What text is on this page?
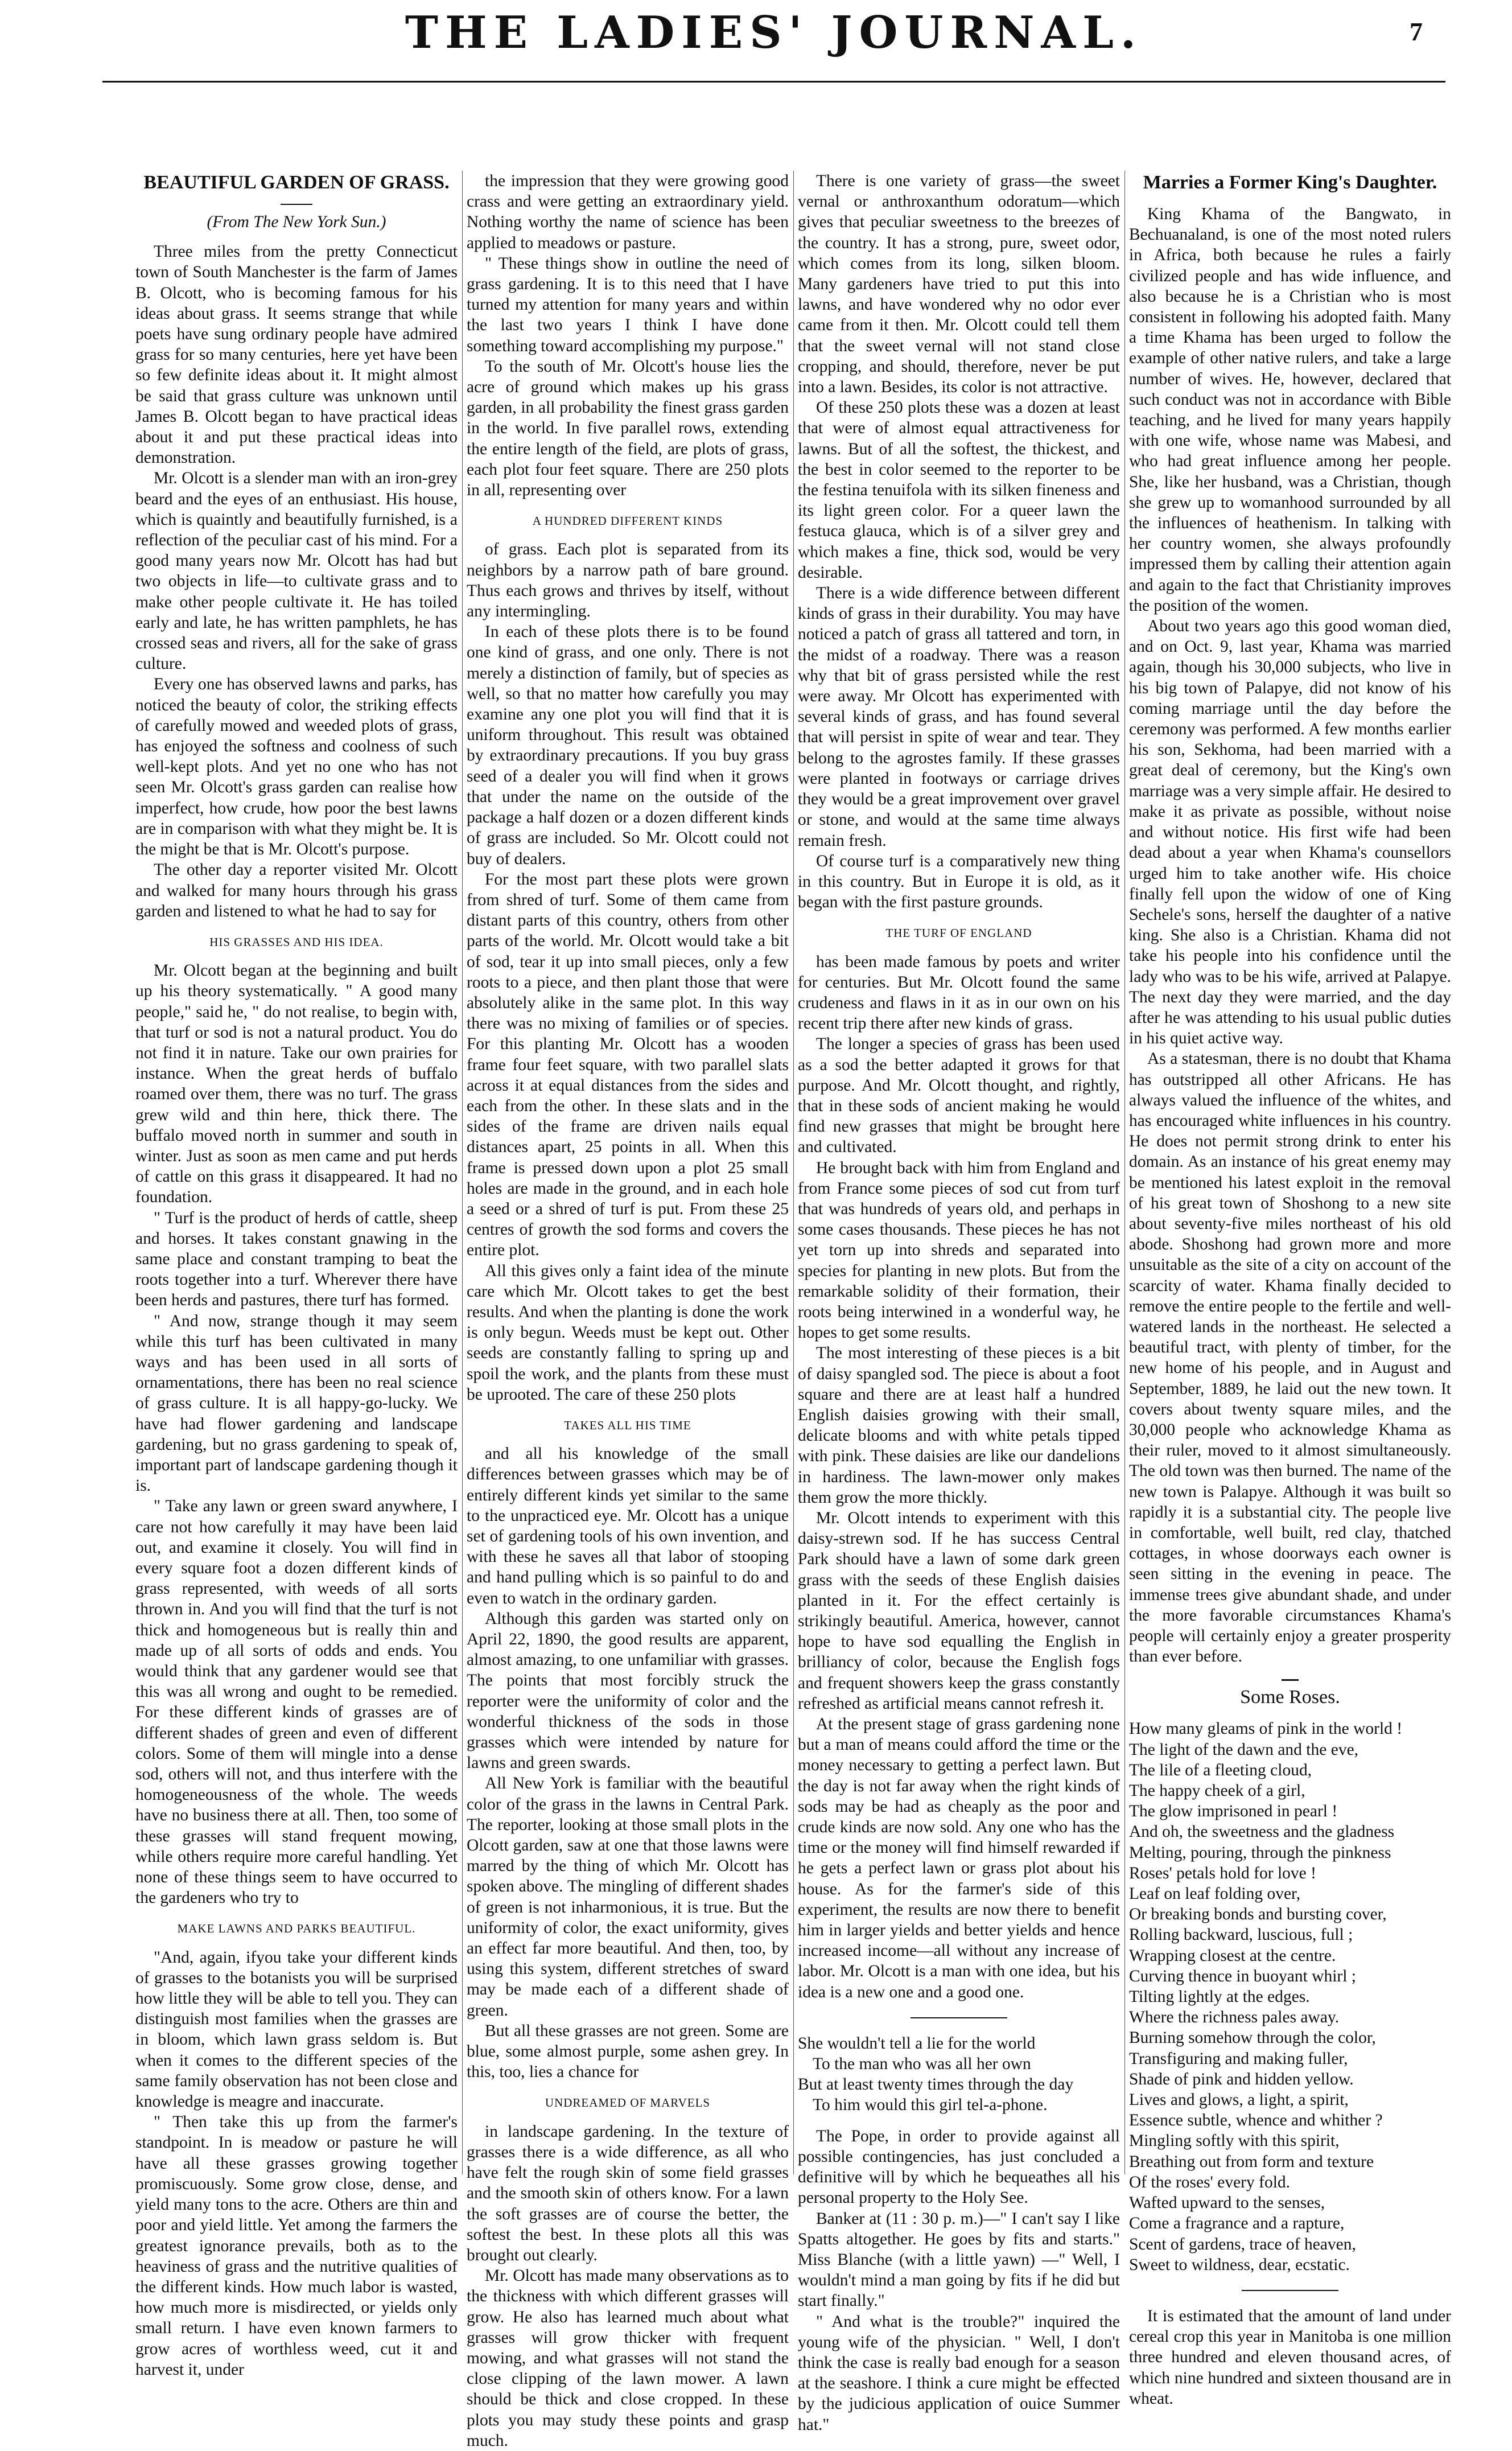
THE LADIES' JOURNAL.	7
BEAUTIFUL GARDEN OF GRASS.

(From The New York Sun.)

Three miles from the pretty Connecticut town of South Manchester is the farm of James B. Olcott, who is becoming famous for his ideas about grass. It seems strange that while poets have sung ordinary people have admired grass for so many centuries, here yet have been so few definite ideas about it. It might almost be said that grass culture was unknown until James B. Olcott began to have practical ideas about it and put these practical ideas into demonstration.

Mr. Olcott is a slender man with an iron-grey beard and the eyes of an enthusiast. His house, which is quaintly and beautifully furnished, is a reflection of the peculiar cast of his mind. For a good many years now Mr. Olcott has had but two objects in life—to cultivate grass and to make other people cultivate it. He has toiled early and late, he has written pamphlets, he has crossed seas and rivers, all for the sake of grass culture.

Every one has observed lawns and parks, has noticed the beauty of color, the striking effects of carefully mowed and weeded plots of grass, has enjoyed the softness and coolness of such well-kept plots. And yet no one who has not seen Mr. Olcott's grass garden can realise how imperfect, how crude, how poor the best lawns are in comparison with what they might be. It is the might be that is Mr. Olcott's purpose.

The other day a reporter visited Mr. Olcott and walked for many hours through his grass garden and listened to what he had to say for

HIS GRASSES AND HIS IDEA.

Mr. Olcott began at the beginning and built up his theory systematically. " A good many people," said he, " do not realise, to begin with, that turf or sod is not a natural product. You do not find it in nature. Take our own prairies for instance. When the great herds of buffalo roamed over them, there was no turf. The grass grew wild and thin here, thick there. The buffalo moved north in summer and south in winter. Just as soon as men came and put herds of cattle on this grass it disappeared. It had no foundation.

" Turf is the product of herds of cattle, sheep and horses. It takes constant gnawing in the same place and constant tramping to beat the roots together into a turf. Wherever there have been herds and pastures, there turf has formed.

" And now, strange though it may seem while this turf has been cultivated in many ways and has been used in all sorts of ornamentations, there has been no real science of grass culture. It is all happy-go-lucky. We have had flower gardening and landscape gardening, but no grass gardening to speak of, important part of landscape gardening though it is.

" Take any lawn or green sward anywhere, I care not how carefully it may have been laid out, and examine it closely. You will find in every square foot a dozen different kinds of grass represented, with weeds of all sorts thrown in. And you will find that the turf is not thick and homogeneous but is really thin and made up of all sorts of odds and ends. You would think that any gardener would see that this was all wrong and ought to be remedied. For these different kinds of grasses are of different shades of green and even of different colors. Some of them will mingle into a dense sod, others will not, and thus interfere with the homogeneousness of the whole. The weeds have no business there at all. Then, too some of these grasses will stand frequent mowing, while others require more careful handling. Yet none of these things seem to have occurred to the gardeners who try to

MAKE LAWNS AND PARKS BEAUTIFUL.

"And, again, ifyou take your different kinds of grasses to the botanists you will be surprised how little they will be able to tell you. They can distinguish most families when the grasses are in bloom, which lawn grass seldom is. But when it comes to the different species of the same family observation has not been close and knowledge is meagre and inaccurate.

" Then take this up from the farmer's standpoint. In is meadow or pasture he will have all these grasses growing together promiscuously. Some grow close, dense, and yield many tons to the acre. Others are thin and poor and yield little. Yet among the farmers the greatest ignorance prevails, both as to the heaviness of grass and the nutritive qualities of the different kinds. How much labor is wasted, how much more is misdirected, or yields only small return. I have even known farmers to grow acres of worthless weed, cut it and harvest it, under

the impression that they were growing good crass and were getting an extraordinary yield. Nothing worthy the name of science has been applied to meadows or pasture.

" These things show in outline the need of grass gardening. It is to this need that I have turned my attention for many years and within the last two years I think I have done something toward accomplishing my purpose."

To the south of Mr. Olcott's house lies the acre of ground which makes up his grass garden, in all probability the finest grass garden in the world. In five parallel rows, extending the entire length of the field, are plots of grass, each plot four feet square. There are 250 plots in all, representing over

A HUNDRED DIFFERENT KINDS

of grass. Each plot is separated from its neighbors by a narrow path of bare ground. Thus each grows and thrives by itself, without any intermingling.

In each of these plots there is to be found one kind of grass, and one only. There is not merely a distinction of family, but of species as well, so that no matter how carefully you may examine any one plot you will find that it is uniform throughout. This result was obtained by extraordinary precautions. If you buy grass seed of a dealer you will find when it grows that under the name on the outside of the package a half dozen or a dozen different kinds of grass are included. So Mr. Olcott could not buy of dealers.

For the most part these plots were grown from shred of turf. Some of them came from distant parts of this country, others from other parts of the world. Mr. Olcott would take a bit of sod, tear it up into small pieces, only a few roots to a piece, and then plant those that were absolutely alike in the same plot. In this way there was no mixing of families or of species. For this planting Mr. Olcott has a wooden frame four feet square, with two parallel slats across it at equal distances from the sides and each from the other. In these slats and in the sides of the frame are driven nails equal distances apart, 25 points in all. When this frame is pressed down upon a plot 25 small holes are made in the ground, and in each hole a seed or a shred of turf is put. From these 25 centres of growth the sod forms and covers the entire plot.

All this gives only a faint idea of the minute care which Mr. Olcott takes to get the best results. And when the planting is done the work is only begun. Weeds must be kept out. Other seeds are constantly falling to spring up and spoil the work, and the plants from these must be uprooted. The care of these 250 plots

TAKES ALL HIS TIME

and all his knowledge of the small differences between grasses which may be of entirely different kinds yet similar to the same to the unpracticed eye. Mr. Olcott has a unique set of gardening tools of his own invention, and with these he saves all that labor of stooping and hand pulling which is so painful to do and even to watch in the ordinary garden.

Although this garden was started only on April 22, 1890, the good results are apparent, almost amazing, to one unfamiliar with grasses. The points that most forcibly struck the reporter were the uniformity of color and the wonderful thickness of the sods in those grasses which were intended by nature for lawns and green swards.

All New York is familiar with the beautiful color of the grass in the lawns in Central Park. The reporter, looking at those small plots in the Olcott garden, saw at one that those lawns were marred by the thing of which Mr. Olcott has spoken above. The mingling of different shades of green is not inharmonious, it is true. But the uniformity of color, the exact uniformity, gives an effect far more beautiful. And then, too, by using this system, different stretches of sward may be made each of a different shade of green.

But all these grasses are not green. Some are blue, some almost purple, some ashen grey. In this, too, lies a chance for

UNDREAMED OF MARVELS

in landscape gardening. In the texture of grasses there is a wide difference, as all who have felt the rough skin of some field grasses and the smooth skin of others know. For a lawn the soft grasses are of course the better, the softest the best. In these plots all this was brought out clearly.

Mr. Olcott has made many observations as to the thickness with which different grasses will grow. He also has learned much about what grasses will grow thicker with frequent mowing, and what grasses will not stand the close clipping of the lawn mower. A lawn should be thick and close cropped. In these plots you may study these points and grasp much.

There is one variety of grass—the sweet vernal or anthroxanthum odoratum—which gives that peculiar sweetness to the breezes of the country. It has a strong, pure, sweet odor, which comes from its long, silken bloom. Many gardeners have tried to put this into lawns, and have wondered why no odor ever came from it then. Mr. Olcott could tell them that the sweet vernal will not stand close cropping, and should, therefore, never be put into a lawn. Besides, its color is not attractive.

Of these 250 plots these was a dozen at least that were of almost equal attractiveness for lawns. But of all the softest, the thickest, and the best in color seemed to the reporter to be the festina tenuifola with its silken fineness and its light green color. For a queer lawn the festuca glauca, which is of a silver grey and which makes a fine, thick sod, would be very desirable.

There is a wide difference between different kinds of grass in their durability. You may have noticed a patch of grass all tattered and torn, in the midst of a roadway. There was a reason why that bit of grass persisted while the rest were away. Mr Olcott has experimented with several kinds of grass, and has found several that will persist in spite of wear and tear. They belong to the agrostes family. If these grasses were planted in footways or carriage drives they would be a great improvement over gravel or stone, and would at the same time always remain fresh.

Of course turf is a comparatively new thing in this country. But in Europe it is old, as it began with the first pasture grounds.

THE TURF OF ENGLAND

has been made famous by poets and writer for centuries. But Mr. Olcott found the same crudeness and flaws in it as in our own on his recent trip there after new kinds of grass.

The longer a species of grass has been used as a sod the better adapted it grows for that purpose. And Mr. Olcott thought, and rightly, that in these sods of ancient making he would find new grasses that might be brought here and cultivated.

He brought back with him from England and from France some pieces of sod cut from turf that was hundreds of years old, and perhaps in some cases thousands. These pieces he has not yet torn up into shreds and separated into species for planting in new plots. But from the remarkable solidity of their formation, their roots being interwined in a wonderful way, he hopes to get some results.

The most interesting of these pieces is a bit of daisy spangled sod. The piece is about a foot square and there are at least half a hundred English daisies growing with their small, delicate blooms and with white petals tipped with pink. These daisies are like our dandelions in hardiness. The lawn-mower only makes them grow the more thickly.

Mr. Olcott intends to experiment with this daisy-strewn sod. If he has success Central Park should have a lawn of some dark green grass with the seeds of these English daisies planted in it. For the effect certainly is strikingly beautiful. America, however, cannot hope to have sod equalling the English in brilliancy of color, because the English fogs and frequent showers keep the grass constantly refreshed as artificial means cannot refresh it.

At the present stage of grass gardening none but a man of means could afford the time or the money necessary to getting a perfect lawn. But the day is not far away when the right kinds of sods may be had as cheaply as the poor and crude kinds are now sold. Any one who has the time or the money will find himself rewarded if he gets a perfect lawn or grass plot about his house. As for the farmer's side of this experiment, the results are now there to benefit him in larger yields and better yields and hence increased income—all without any increase of labor. Mr. Olcott is a man with one idea, but his idea is a new one and a good one.

She wouldn't tell a lie for the world
To the man who was all her own
But at least twenty times through the day
To him would this girl tel-a-phone.

The Pope, in order to provide against all possible contingencies, has just concluded a definitive will by which he bequeathes all his personal property to the Holy See.

Banker at (11 : 30 p. m.)—" I can't say I like Spatts altogether. He goes by fits and starts." Miss Blanche (with a little yawn) —" Well, I wouldn't mind a man going by fits if he did but start finally."

" And what is the trouble?" inquired the young wife of the physician. " Well, I don't think the case is really bad enough for a season at the seashore. I think a cure might be effected by the judicious application of ouice Summer hat."

Marries a Former King's Daughter.

King Khama of the Bangwato, in Bechuanaland, is one of the most noted rulers in Africa, both because he rules a fairly civilized people and has wide influence, and also because he is a Christian who is most consistent in following his adopted faith. Many a time Khama has been urged to follow the example of other native rulers, and take a large number of wives. He, however, declared that such conduct was not in accordance with Bible teaching, and he lived for many years happily with one wife, whose name was Mabesi, and who had great influence among her people. She, like her husband, was a Christian, though she grew up to womanhood surrounded by all the influences of heathenism. In talking with her country women, she always profoundly impressed them by calling their attention again and again to the fact that Christianity improves the position of the women.

About two years ago this good woman died, and on Oct. 9, last year, Khama was married again, though his 30,000 subjects, who live in his big town of Palapye, did not know of his coming marriage until the day before the ceremony was performed. A few months earlier his son, Sekhoma, had been married with a great deal of ceremony, but the King's own marriage was a very simple affair. He desired to make it as private as possible, without noise and without notice. His first wife had been dead about a year when Khama's counsellors urged him to take another wife. His choice finally fell upon the widow of one of King Sechele's sons, herself the daughter of a native king. She also is a Christian. Khama did not take his people into his confidence until the lady who was to be his wife, arrived at Palapye. The next day they were married, and the day after he was attending to his usual public duties in his quiet active way.

As a statesman, there is no doubt that Khama has outstripped all other Africans. He has always valued the influence of the whites, and has encouraged white influences in his country. He does not permit strong drink to enter his domain. As an instance of his great enemy may be mentioned his latest exploit in the removal of his great town of Shoshong to a new site about seventy-five miles northeast of his old abode. Shoshong had grown more and more unsuitable as the site of a city on account of the scarcity of water. Khama finally decided to remove the entire people to the fertile and well-watered lands in the northeast. He selected a beautiful tract, with plenty of timber, for the new home of his people, and in August and September, 1889, he laid out the new town. It covers about twenty square miles, and the 30,000 people who acknowledge Khama as their ruler, moved to it almost simultaneously. The old town was then burned. The name of the new town is Palapye. Although it was built so rapidly it is a substantial city. The people live in comfortable, well built, red clay, thatched cottages, in whose doorways each owner is seen sitting in the evening in peace. The immense trees give abundant shade, and under the more favorable circumstances Khama's people will certainly enjoy a greater prosperity than ever before.

Some Roses.
How many gleams of pink in the world !
The light of the dawn and the eve,
The lile of a fleeting cloud,
The happy cheek of a girl,
The glow imprisoned in pearl !
And oh, the sweetness and the gladness
Melting, pouring, through the pinkness
Roses' petals hold for love !
Leaf on leaf folding over,
Or breaking bonds and bursting cover,
Rolling backward, luscious, full ;
Wrapping closest at the centre.
Curving thence in buoyant whirl ;
Tilting lightly at the edges.
Where the richness pales away.
Burning somehow through the color,
Transfiguring and making fuller,
Shade of pink and hidden yellow.
Lives and glows, a light, a spirit,
Essence subtle, whence and whither ?
Mingling softly with this spirit,
Breathing out from form and texture
Of the roses' every fold.
Wafted upward to the senses,
Come a fragrance and a rapture,
Scent of gardens, trace of heaven,
Sweet to wildness, dear, ecstatic.

It is estimated that the amount of land under cereal crop this year in Manitoba is one million three hundred and eleven thousand acres, of which nine hundred and sixteen thousand are in wheat.
